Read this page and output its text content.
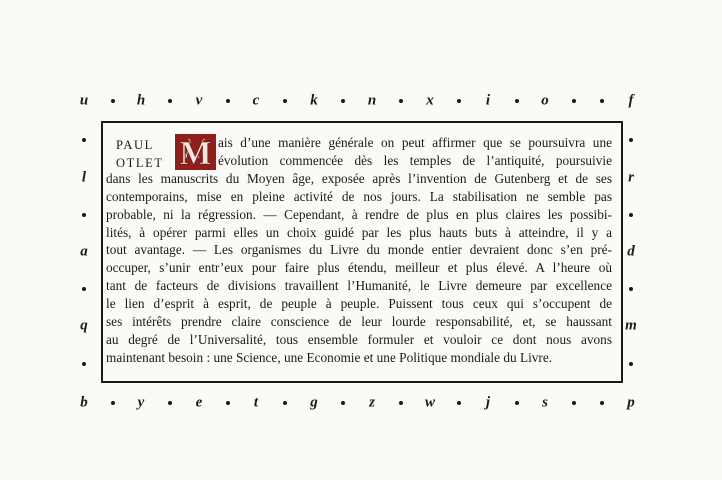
u	h	v	c	k	n	x	i	o	f
b	y	e	t	g	z	w	j	s	p
l	r
a	d
q	m
PAUL
OTLET M ais d’une manière générale on peut affirmer que se poursuivra une
évolution commencée dès les temples de l’antiquité, poursuivie
dans les manuscrits du Moyen âge, exposée après l’invention de Gutenberg et de ses
contemporains, mise en pleine activité de nos jours. La stabilisation ne semble pas
probable, ni la régression. — Cependant, à rendre de plus en plus claires les possibi-
lités, à opérer parmi elles un choix guidé par les plus hauts buts à atteindre, il y a
tout avantage. — Les organismes du Livre du monde entier devraient donc s’en pré-
occuper, s’unir entr’eux pour faire plus étendu, meilleur et plus élevé. A l’heure où
tant de facteurs de divisions travaillent l’Humanité, le Livre demeure par excellence
le lien d’esprit à esprit, de peuple à peuple. Puissent tous ceux qui s’occupent de
ses intérêts prendre claire conscience de leur lourde responsabilité, et, se haussant
au degré de l’Universalité, tous ensemble formuler et vouloir ce dont nous avons
maintenant besoin : une Science, une Economie et une Politique mondiale du Livre.
